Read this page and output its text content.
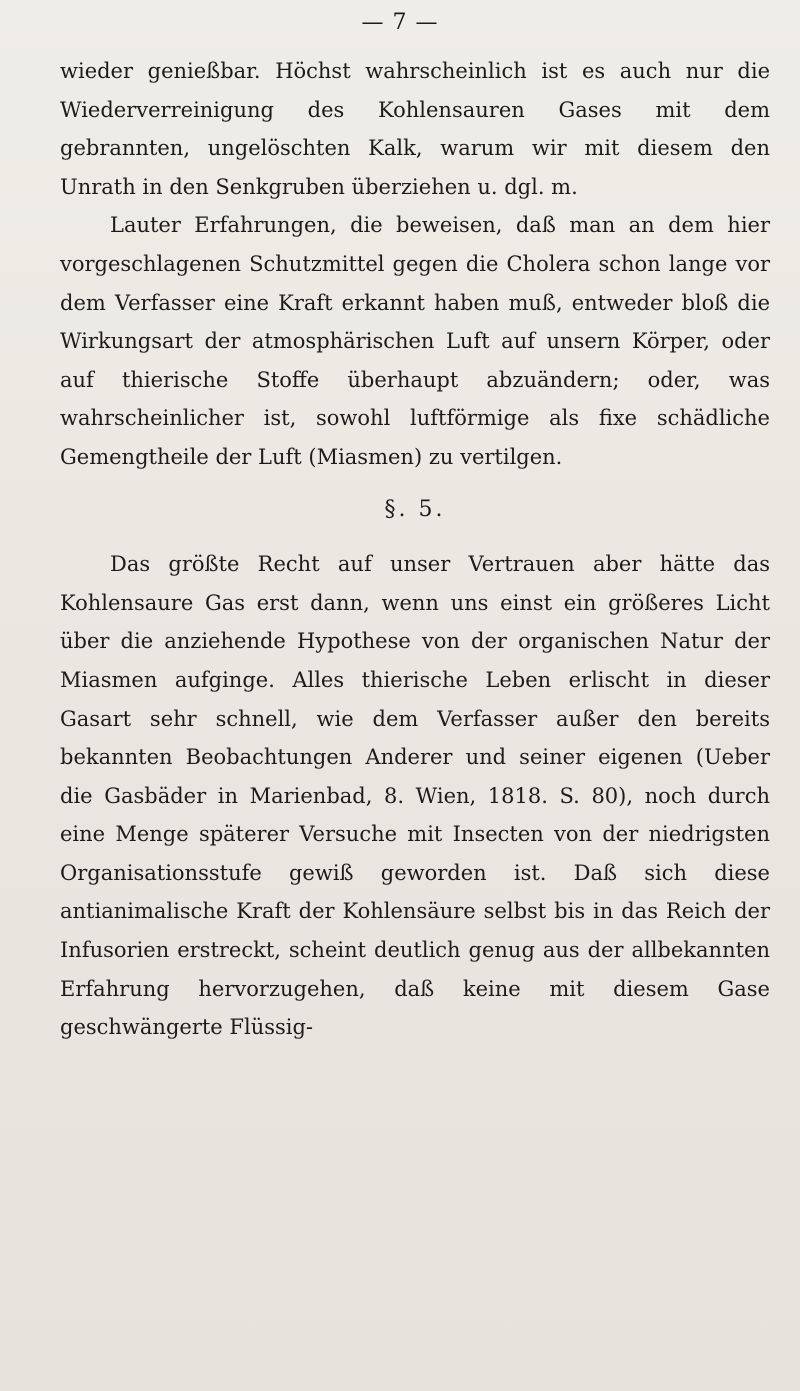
— 7 —

wieder genießbar. Höchst wahrscheinlich ist es auch nur die Wiederverreinigung des Kohlensauren Gases mit dem gebrannten, ungelöschten Kalk, warum wir mit diesem den Unrath in den Senkgruben überziehen u. dgl. m.

Lauter Erfahrungen, die beweisen, daß man an dem hier vorgeschlagenen Schutzmittel gegen die Cholera schon lange vor dem Verfasser eine Kraft erkannt haben muß, entweder bloß die Wirkungsart der atmosphärischen Luft auf unsern Körper, oder auf thierische Stoffe überhaupt abzuändern; oder, was wahrscheinlicher ist, sowohl luftförmige als fixe schädliche Gemengtheile der Luft (Miasmen) zu vertilgen.

§. 5.

Das größte Recht auf unser Vertrauen aber hätte das Kohlensaure Gas erst dann, wenn uns einst ein größeres Licht über die anziehende Hypothese von der organischen Natur der Miasmen aufginge. Alles thierische Leben erlischt in dieser Gasart sehr schnell, wie dem Verfasser außer den bereits bekannten Beobachtungen Anderer und seiner eigenen (Ueber die Gasbäder in Marienbad, 8. Wien, 1818. S. 80), noch durch eine Menge späterer Versuche mit Insecten von der niedrigsten Organisationsstufe gewiß geworden ist. Daß sich diese antianimalische Kraft der Kohlensäure selbst bis in das Reich der Infusorien erstreckt, scheint deutlich genug aus der allbekannten Erfahrung hervorzugehen, daß keine mit diesem Gase geschwängerte Flüssig-
